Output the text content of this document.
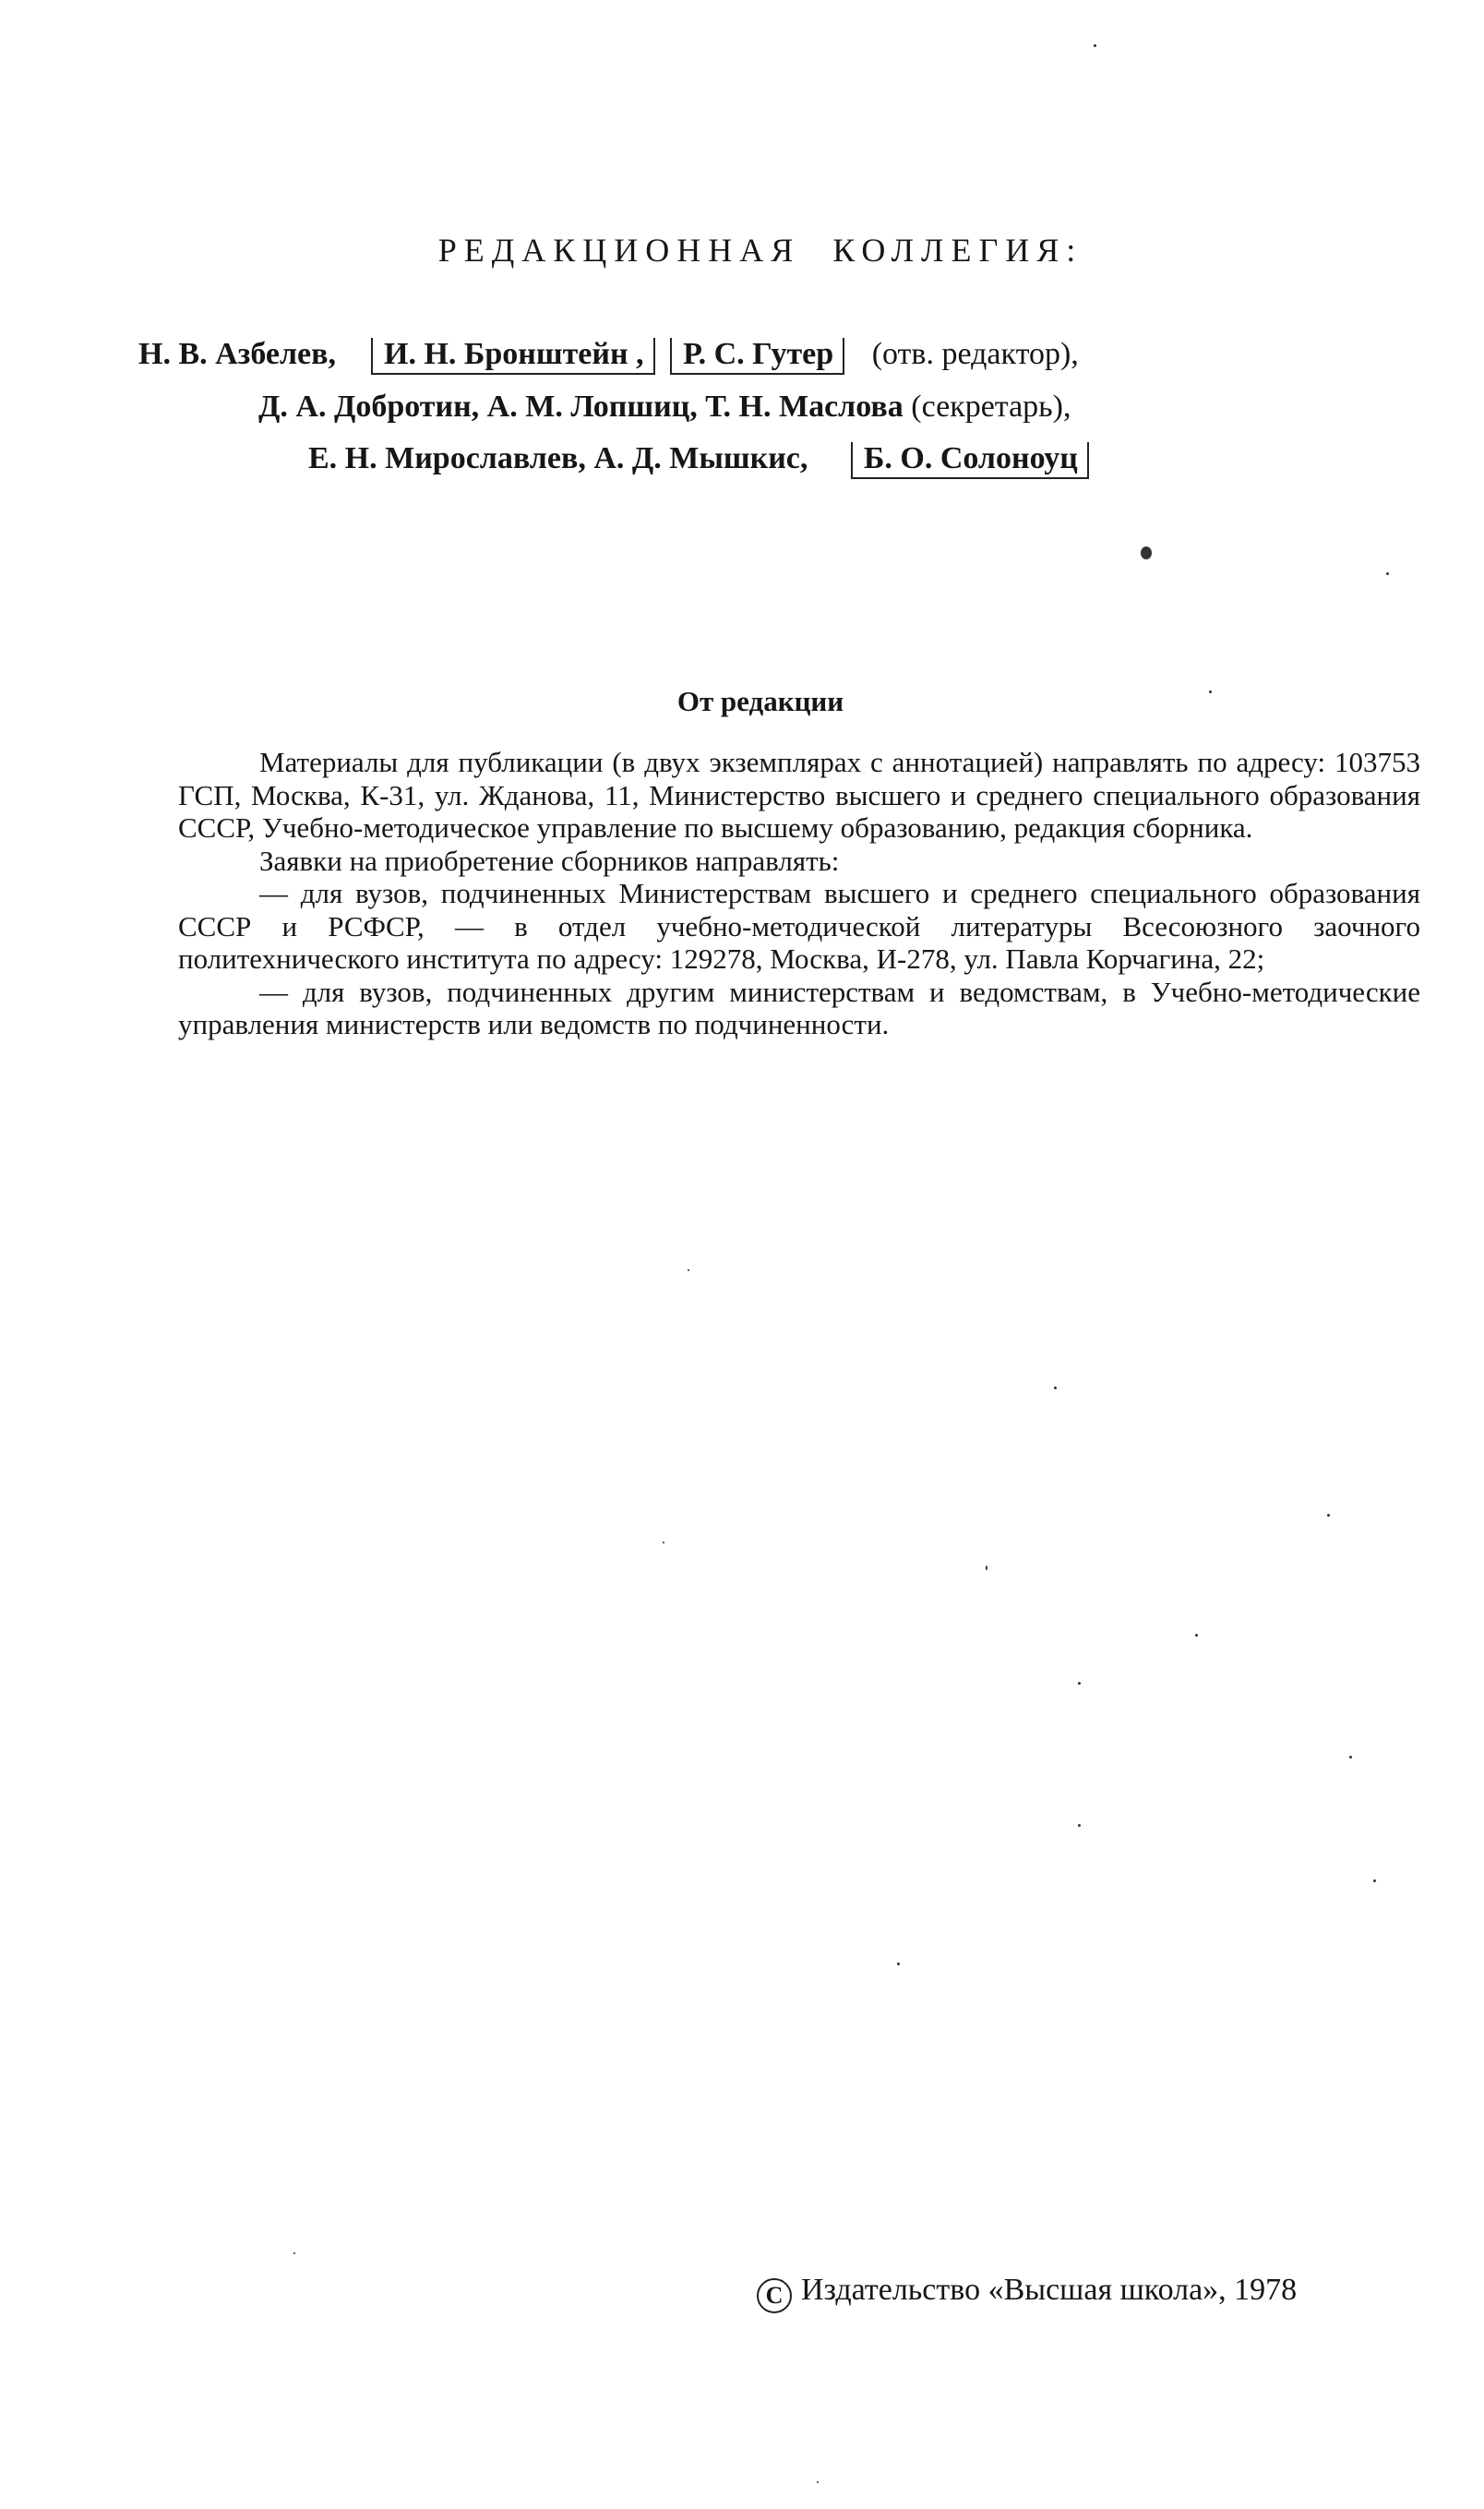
РЕДАКЦИОННАЯ КОЛЛЕГИЯ:
Н. В. Азбелев, И. Н. Бронштейн , Р. С. Гутер (отв. редактор),
Д. А. Добротин, А. М. Лопшиц, Т. Н. Маслова (секретарь),
Е. Н. Мирославлев, А. Д. Мышкис, Б. О. Солоноуц
От редакции

Материалы для публикации (в двух экземплярах с аннотацией) направлять по адресу: 103753 ГСП, Москва, К-31, ул. Жданова, 11, Министерство высшего и среднего специального образования СССР, Учебно-методическое управление по высшему образованию, редакция сборника.

Заявки на приобретение сборников направлять:

— для вузов, подчиненных Министерствам высшего и среднего специального образования СССР и РСФСР, — в отдел учебно-методической литературы Всесоюзного заочного политехнического института по адресу: 129278, Москва, И-278, ул. Павла Корчагина, 22;

— для вузов, подчиненных другим министерствам и ведомствам, в Учебно-методические управления министерств или ведомств по подчиненности.

C Издательство «Высшая школа», 1978
